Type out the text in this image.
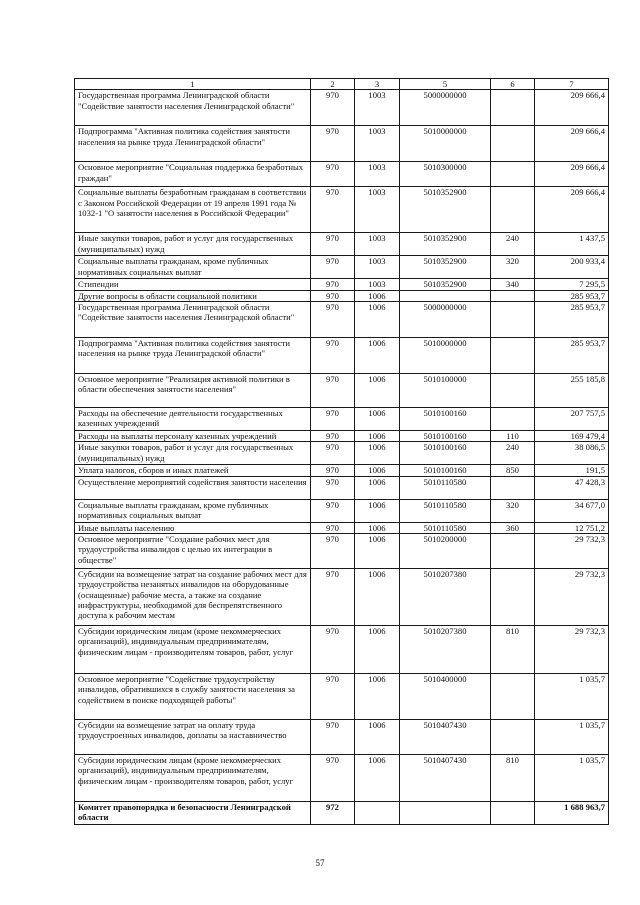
1	2	3	5	6	7
Государственная программа Ленинградской области "Содействие занятости населения Ленинградской области"	970	1003	5000000000		209 666,4
Подпрограмма "Активная политика содействия занятости населения на рынке труда Ленинградской области"	970	1003	5010000000		209 666,4
Основное мероприятие "Социальная поддержка безработных граждан"	970	1003	5010300000		209 666,4
Социальные выплаты безработным гражданам в соответствии с Законом Российской Федерации от 19 апреля 1991 года № 1032-1 "О занятости населения в Российской Федерации"	970	1003	5010352900		209 666,4
Иные закупки товаров, работ и услуг для государственных (муниципальных) нужд	970	1003	5010352900	240	1 437,5
Социальные выплаты гражданам, кроме публичных нормативных социальных выплат	970	1003	5010352900	320	200 933,4
Стипендии	970	1003	5010352900	340	7 295,5
Другие вопросы в области социальной политики	970	1006			285 953,7
Государственная программа Ленинградской области "Содействие занятости населения Ленинградской области"	970	1006	5000000000		285 953,7
Подпрограмма "Активная политика содействия занятости населения на рынке труда Ленинградской области"	970	1006	5010000000		285 953,7
Основное мероприятие "Реализация активной политики в области обеспечения занятости населения"	970	1006	5010100000		255 185,8
Расходы на обеспечение деятельности государственных казенных учреждений	970	1006	5010100160		207 757,5
Расходы на выплаты персоналу казенных учреждений	970	1006	5010100160	110	169 479,4
Иные закупки товаров, работ и услуг для государственных (муниципальных) нужд	970	1006	5010100160	240	38 086,5
Уплата налогов, сборов и иных платежей	970	1006	5010100160	850	191,5
Осуществление мероприятий содействия занятости населения	970	1006	5010110580		47 428,3
Социальные выплаты гражданам, кроме публичных нормативных социальных выплат	970	1006	5010110580	320	34 677,0
Иные выплаты населению	970	1006	5010110580	360	12 751,2
Основное мероприятие "Создание рабочих мест для трудоустройства инвалидов с целью их интеграции в обществе"	970	1006	5010200000		29 732,3
Субсидии на возмещение затрат на создание рабочих мест для трудоустройства незанятых инвалидов на оборудованные (оснащенные) рабочие места, а также на создание инфраструктуры, необходимой для беспрепятственного доступа к рабочим местам	970	1006	5010207380		29 732,3
Субсидии юридическим лицам (кроме некоммерческих организаций), индивидуальным предпринимателям, физическим лицам - производителям товаров, работ, услуг	970	1006	5010207380	810	29 732,3
Основное мероприятие "Содействие трудоустройству инвалидов, обратившихся в службу занятости населения за содействием в поиске подходящей работы"	970	1006	5010400000		1 035,7
Субсидии на возмещение затрат на оплату труда трудоустроенных инвалидов, доплаты за наставничество	970	1006	5010407430		1 035,7
Субсидии юридическим лицам (кроме некоммерческих организаций), индивидуальным предпринимателям, физическим лицам - производителям товаров, работ, услуг	970	1006	5010407430	810	1 035,7
Комитет правопорядка и безопасности Ленинградской области	972				1 688 963,7
57
